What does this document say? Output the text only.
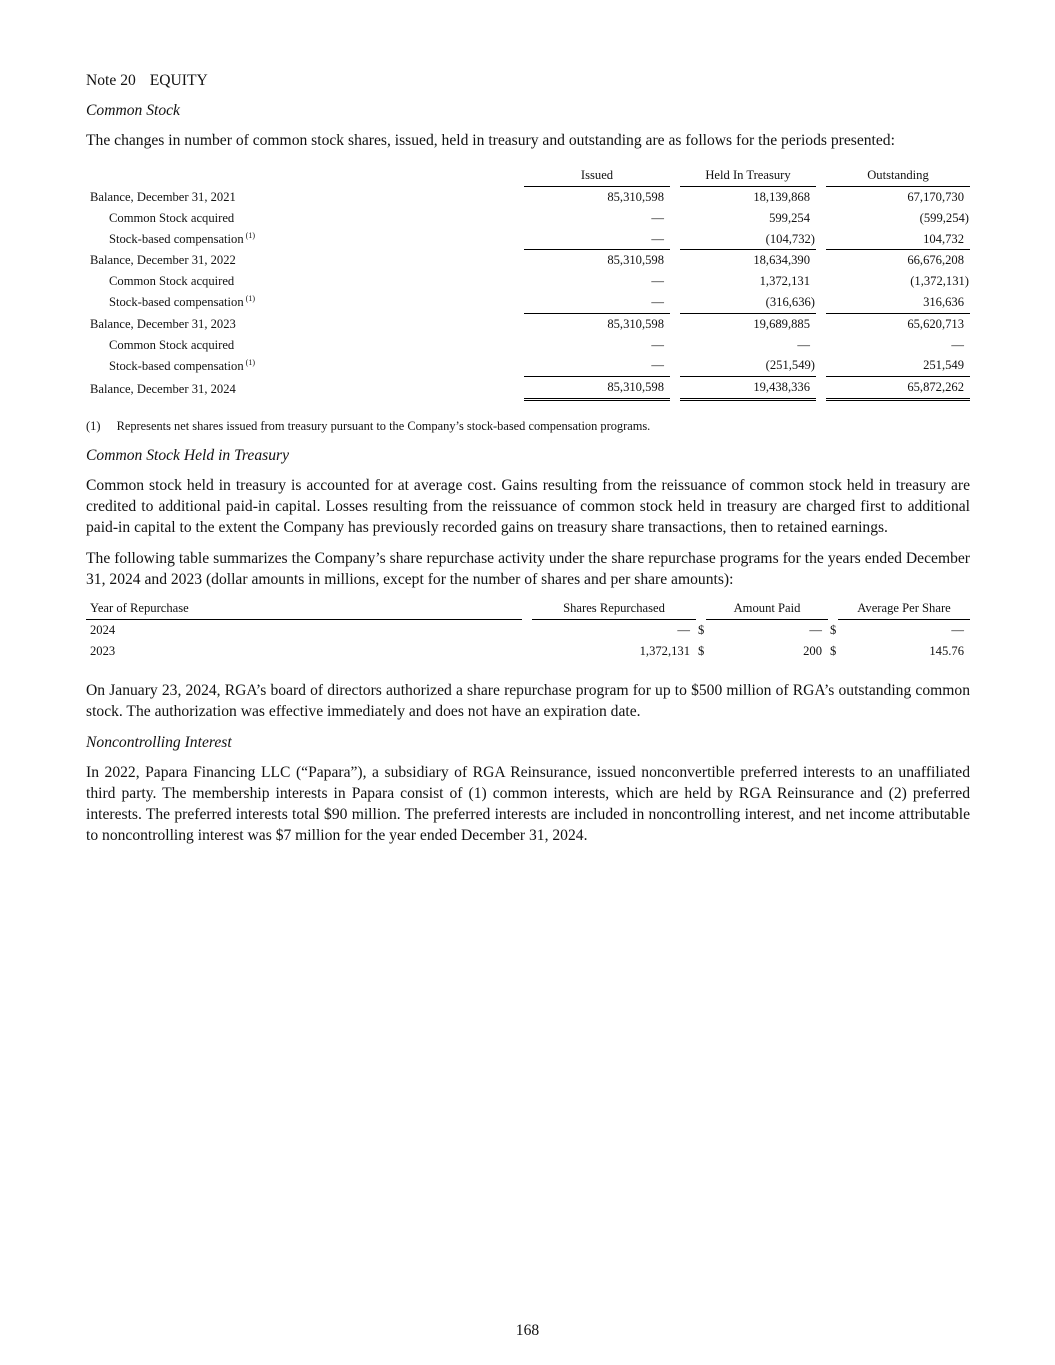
Note 20 EQUITY
Common Stock

The changes in number of common stock shares, issued, held in treasury and outstanding are as follows for the periods presented:

	Issued		Held In Treasury		Outstanding
Balance, December 31, 2021	85,310,598		18,139,868		67,170,730
Common Stock acquired	—		599,254		(599,254)
Stock-based compensation $^{(1)}$	—		(104,732)		104,732
Balance, December 31, 2022	85,310,598		18,634,390		66,676,208
Common Stock acquired	—		1,372,131		(1,372,131)
Stock-based compensation $^{(1)}$	—		(316,636)		316,636
Balance, December 31, 2023	85,310,598		19,689,885		65,620,713
Common Stock acquired	—		—		—
Stock-based compensation $^{(1)}$	—		(251,549)		251,549
Balance, December 31, 2024	85,310,598		19,438,336		65,872,262
(1) Represents net shares issued from treasury pursuant to the Company’s stock-based compensation programs.
Common Stock Held in Treasury

Common stock held in treasury is accounted for at average cost. Gains resulting from the reissuance of common stock held in treasury are credited to additional paid-in capital. Losses resulting from the reissuance of common stock held in treasury are charged first to additional paid-in capital to the extent the Company has previously recorded gains on treasury share transactions, then to retained earnings.

The following table summarizes the Company’s share repurchase activity under the share repurchase programs for the years ended December 31, 2024 and 2023 (dollar amounts in millions, except for the number of shares and per share amounts):

Year of Repurchase		Shares Repurchased		Amount Paid		Average Per Share
2024		—	$	—	$	—
2023		1,372,131	$	200	$	145.76

On January 23, 2024, RGA’s board of directors authorized a share repurchase program for up to $500 million of RGA’s outstanding common stock. The authorization was effective immediately and does not have an expiration date.

Noncontrolling Interest

In 2022, Papara Financing LLC (“Papara”), a subsidiary of RGA Reinsurance, issued nonconvertible preferred interests to an unaffiliated third party. The membership interests in Papara consist of (1) common interests, which are held by RGA Reinsurance and (2) preferred interests. The preferred interests total $90 million. The preferred interests are included in noncontrolling interest, and net income attributable to noncontrolling interest was $7 million for the year ended December 31, 2024.

168
